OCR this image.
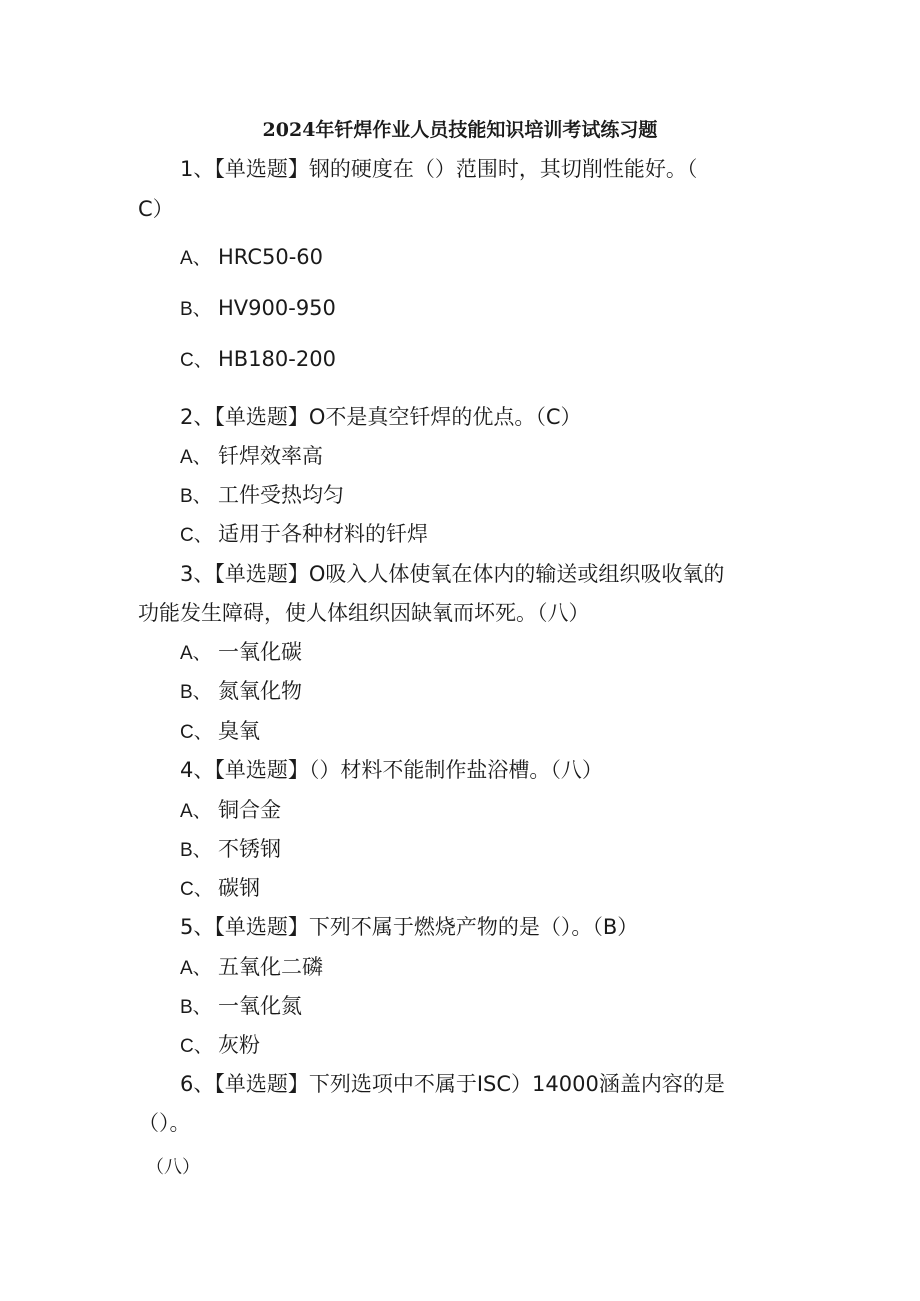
2024年钎焊作业人员技能知识培训考试练习题
1、【单选题】钢的硬度在（）范围时，其切削性能好。（
C）
A、 HRC50-60
B、 HV900-950
C、 HB180-200
2、【单选题】O不是真空钎焊的优点。（C）
A、 钎焊效率高
B、 工件受热均匀
C、 适用于各种材料的钎焊
3、【单选题】O吸入人体使氧在体内的输送或组织吸收氧的
功能发生障碍，使人体组织因缺氧而坏死。（八）
A、 一氧化碳
B、 氮氧化物
C、 臭氧
4、【单选题】（）材料不能制作盐浴槽。（八）
A、 铜合金
B、 不锈钢
C、 碳钢
5、【单选题】下列不属于燃烧产物的是（）。（B）
A、 五氧化二磷
B、 一氧化氮
C、 灰粉
6、【单选题】下列选项中不属于ISC）14000涵盖内容的是
（）。
（八）
